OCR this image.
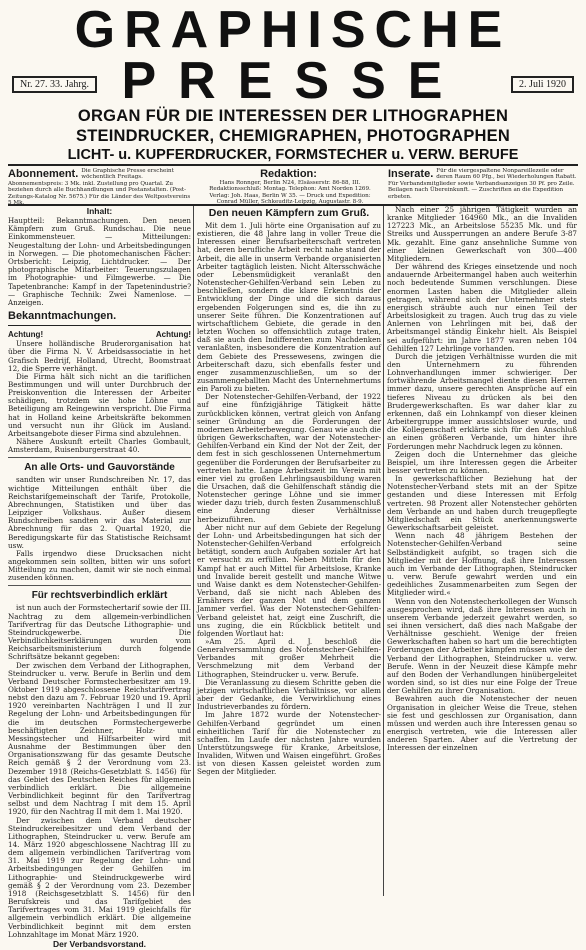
GRAPHISCHE
PRESSE
Nr. 27. 33. Jahrg.	2. Juli 1920
ORGAN FÜR DIE INTERESSEN DER LITHOGRAPHEN
STEINDRUCKER, CHEMIGRAPHEN, PHOTOGRAPHEN
LICHT- u. KUPFERDRUCKER, FORMSTECHER u. VERW. BERUFE
Abonnement. Die Graphische Presse erscheint wöchentlich Freitags. Abonnementspreis: 3 Mk. inkl. Zustellung pro Quartal. Zu beziehen durch alle Buchhandlungen und Postanstalten. (Post-Zeitungs-Katalog Nr. 5675.) Für die Länder des Weltpostvereins 5 Mk.
Redaktion:
Hans Ronnger, Berlin N24, Elsässerstr. 86-88, III. Redaktionsschluß: Montag. Telephon: Amt Norden 1269. Verlag: Joh. Haas, Berlin W 35. — Druck und Expedition: Conrad Müller, Schkeuditz-Leipzig, Augustastr. 8-9.
Inserate. Für die viergespaltene Nonpareillezeile oder deren Raum 60 Pfg., bei Wiederholungen Rabatt. Für Verbandsmitglieder sowie Verbandsanzeigen 30 Pf. pro Zeile. Beilagen nach Übereinkunft. — Zuschriften an die Expedition erbeten.
Inhalt:

Hauptteil: Bekanntmachungen. Den neuen Kämpfern zum Gruß. Rundschau. Die neue Einkommensteuer. — Mitteilungen: Neugestaltung der Lohn- und Arbeitsbedingungen in Norwegen. — Die photomechanischen Fächer: Ortsbericht: Leipzig, Lichtdrucker. — Der photographische Mitarbeiter: Teuerungszulagen im Photographie- und Filmgewerbe. — Die Tapetenbranche: Kampf in der Tapetenindustrie? — Graphische Technik: Zwei Namenlose. — Anzeigen.

Bekanntmachungen.
Achtung!	Achtung!

Unsere holländische Bruderorganisation hat über die Firma N. V. Arbeidsassociatie in het Grafisch Bedrijf, Holland, Utrecht, Boomstraat 12, die Sperre verhängt.

Die Firma hält sich nicht an die tariflichen Bestimmungen und will unter Durchbruch der Preiskonvention die Interessen der Arbeiter schädigen, trotzdem sie hohe Löhne und Beteiligung am Reingewinn verspricht. Die Firma hat in Holland keine Arbeitskräfte bekommen und versucht nun ihr Glück im Ausland. Arbeitsangebote dieser Firma sind abzulehnen.

Nähere Auskunft erteilt Charles Gombault, Amsterdam, Ruisenburgerstraat 40.

An alle Orts- und Gauvorstände

sandten wir unser Rundschreiben Nr. 17, das wichtige Mitteilungen enthält über die Reichstarifgemeinschaft der Tarife, Protokolle, Abrechnungen, Statistiken und über das Leipziger Volkshaus. Außer diesem Rundschreiben sandten wir das Material zur Abrechnung für das 2. Quartal 1920, die Beredigungskarte für das Statistische Reichsamt usw.

Falls irgendwo diese Drucksachen nicht angekommen sein sollten, bitten wir uns sofort Mitteilung zu machen, damit wir sie noch einmal zusenden können.

Für rechtsverbindlich erklärt

ist nun auch der Formstechertarif sowie der III. Nachtrag zu dem allgemein-verbindlichen Tarifvertrag für das Deutsche Lithographie- und Steindruckgewerbe. Die Verbindlichkeitserklärungen wurden vom Reichsarbeitsministerium durch folgende Schriftsätze bekannt gegeben:

Der zwischen dem Verband der Lithographen, Steindrucker u. verw. Berufe in Berlin und dem Verband Deutscher Formstecherbesitzer am 19. Oktober 1919 abgeschlossene Reichstarifvertrag nebst den dazu am 7. Februar 1920 und 19. April 1920 vereinbarten Nachträgen I und II zur Regelung der Lohn- und Arbeitsbedingungen für die im deutschen Formstechergewerbe beschäftigten Zeichner, Holz- und Messingstecher und Hilfsarbeiter wird mit Ausnahme der Bestimmungen über den Organisationszwang für das gesamte Deutsche Reich gemäß § 2 der Verordnung vom 23. Dezember 1918 (Reichs-Gesetzblatt S. 1456) für das Gebiet des Deutschen Reiches für allgemein verbindlich erklärt. Die allgemeine Verbindlichkeit beginnt für den Tarifvertrag selbst und dem Nachtrag I mit dem 15. April 1920, für den Nachtrag II mit dem 1. Mai 1920.

Der zwischen dem Verband deutscher Steindruckereibesitzer und dem Verband der Lithographen, Steindrucker u. verw. Berufe am 14. März 1920 abgeschlossene Nachtrag III zu dem allgemein verbindlichen Tarifvertrag vom 31. Mai 1919 zur Regelung der Lohn- und Arbeitsbedingungen der Gehilfen im Lithographie- und Steindruckgewerbe wird gemäß § 2 der Verordnung vom 23. Dezember 1918 (Reichsgesetzblatt S. 1456) für den Berufskreis und das Tarifgebiet des Tarifvertrages vom 31. Mai 1919 gleichfalls für allgemein verbindlich erklärt. Die allgemeine Verbindlichkeit beginnt mit dem ersten Lohnzahltage im Monat März 1920.

Der Verbandsvorstand.
Den neuen Kämpfern zum Gruß.

Mit dem 1. Juli hörte eine Organisation auf zu existieren, die 48 Jahre lang in voller Treue die Interessen einer Berufsarbeiterschaft vertreten hat, deren berufliche Arbeit recht nahe stand der Arbeit, die alle in unserm Verbande organisierten Arbeiter tagtäglich leisten. Nicht Altersschwäche oder Lebensmüdigkeit veranlaßt den Notenstecher-Gehilfen-Verband sein Leben zu beschließen, sondern die klare Erkenntnis der Entwicklung der Dinge und die sich daraus ergebenden Folgerungen sind es, die ihn zu unserer Seite führen. Die Konzentrationen auf wirtschaftlichem Gebiete, die gerade in den letzten Wochen so offensichtlich zutage traten, daß sie auch den Indifferenten zum Nachdenken veranlaßten, insbesondere die Konzentration auf dem Gebiete des Pressewesens, zwingen die Arbeiterschaft dazu, sich ebenfalls fester und enger zusammenzuschließen, um so der zusammengeballten Macht des Unternehmertums ein Paroli zu bieten.

Der Notenstecher-Gehilfen-Verband, der 1922 auf eine fünfzigjährige Tätigkeit hätte zurückblicken können, vertrat gleich von Anfang seiner Gründung an die Forderungen der modernen Arbeiterbewegung. Genau wie auch die übrigen Gewerkschaften, war der Notenstecher-Gehilfen-Verband ein Kind der Not der Zeit, der dem fest in sich geschlossenen Unternehmertum gegenüber die Forderungen der Berufsarbeiter zu vertreten hatte. Lange Arbeitszeit im Verein mit einer viel zu großen Lehrlingsausbildung waren die Ursachen, daß die Gehilfenschaft ständig die Notenstecher geringe Löhne und sie immer wieder dazu trieb, durch festen Zusammenschluß eine Änderung dieser Verhältnisse herbeizuführen.

Aber nicht nur auf dem Gebiete der Regelung der Lohn- und Arbeitsbedingungen hat sich der Notenstecher-Gehilfen-Verband erfolgreich betätigt, sondern auch Aufgaben sozialer Art hat er versucht zu erfüllen. Neben Mitteln für den Kampf hat er auch Mittel für Arbeitslose, Kranke und Invalide bereit gestellt und manche Witwe und Waise dankt es dem Notenstecher-Gehilfen-Verband, daß sie nicht nach Ableben des Ernährers der ganzen Not und dem ganzen Jammer verfiel. Was der Notenstecher-Gehilfen-Verband geleistet hat, zeigt eine Zuschrift, die uns zuging, die ein Rückblick betitelt und folgenden Wortlaut hat:

»Am 25. April d. J. beschloß die Generalversammlung des Notenstecher-Gehilfen-Verbandes mit großer Mehrheit die Verschmelzung mit dem Verband der Lithographen, Steindrucker u. verw. Berufe.

Die Veranlassung zu diesem Schritte geben die jetzigen wirtschaftlichen Verhältnisse, vor allem aber der Gedanke, die Verwirklichung eines Industrieverbandes zu fördern.

Im Jahre 1872 wurde der Notenstecher-Gehilfen-Verband gegründet um einen einheitlichen Tarif für die Notenstecher zu schaffen. Im Laufe der nächsten Jahre wurden Unterstützungswege für Kranke, Arbeitslose, Invaliden, Witwen und Waisen eingeführt. Großes ist von diesen Kassen geleistet worden zum Segen der Mitglieder.

Nach einer 25 jährigen Tätigkeit wurden an kranke Mitglieder 164960 Mk., an die Invaliden 127223 Mk., an Arbeitslose 55235 Mk. und für Streiks und Aussperrungen an andere Berufe 3-87 Mk. gezahlt. Eine ganz ansehnliche Summe von einer kleinen Gewerkschaft von 300—400 Mitgliedern.

Der während des Krieges einsetzende und noch andauernde Arbeitermangel haben auch weiterhin noch bedeutende Summen verschlungen. Diese enormen Lasten haben die Mitglieder allein getragen, während sich der Unternehmer stets energisch sträubte auch nur einen Teil der Arbeitslosigkeit zu tragen. Auch trug das zu viele Anlernen von Lehrlingen mit bei, daß der Arbeitsmangel ständig Einkehr hielt. Als Beispiel sei aufgeführt: im Jahre 1877 waren neben 104 Gehilfen 127 Lehrlinge vorhanden.

Durch die jetzigen Verhältnisse wurden die mit den Unternehmern zu führenden Lohnverhandlungen immer schwieriger. Der fortwährende Arbeitsmangel diente diesen Herren immer dazu, unsere gerechten Ansprüche auf ein tieferes Niveau zu drücken als bei den Brudergewerkschaften. Es war daher klar zu erkennen, daß ein Lohnkampf von dieser kleinen Arbeitergruppe immer aussichtsloser wurde, und die Kollegenschaft erklärte sich für den Anschluß an einen größeren Verbande, um hinter ihre Forderungen mehr Nachdruck legen zu können.

Zeigen doch die Unternehmer das gleiche Beispiel, um ihre Interessen gegen die Arbeiter besser vertreten zu können.

In gewerkschaftlicher Beziehung hat der Notenstecher-Verband stets mit an der Spitze gestanden und diese Interessen mit Erfolg vertreten. 98 Prozent aller Notenstecher gehörten dem Verbande an und haben durch treugepflegte Mitgliedschaft ein Stück anerkennungswerte Gewerkschaftsarbeit geleistet.

Wenn nach 48 jährigem Bestehen der Notenstecher-Gehilfen-Verband seine Selbständigkeit aufgibt, so tragen sich die Mitglieder mit der Hoffnung, daß ihre Interessen auch im Verbande der Lithographen, Steindrucker u. verw. Berufe gewahrt werden und ein gedeihliches Zusammenarbeiten zum Segen der Mitglieder wird.«

Wenn von den Notenstecherkollegen der Wunsch ausgesprochen wird, daß ihre Interessen auch in unserem Verbande jederzeit gewahrt werden, so sei ihnen versichert, daß dies nach Maßgabe der Verhältnisse geschieht. Wenige der freien Gewerkschaften haben so hart um die berechtigten Forderungen der Arbeiter kämpfen müssen wie der Verband der Lithographen, Steindrucker u. verw. Berufe. Wenn in der Neuzeit diese Kämpfe mehr auf den Boden der Verhandlungen hinübergeleitet worden sind, so ist dies nur eine Folge der Treue der Gehilfen zu ihrer Organisation.

Bewahren auch die Notenstecher der neuen Organisation in gleicher Weise die Treue, stehen sie fest und geschlossen zur Organisation, dann müssen und werden auch ihre Interessen genau so energisch vertreten, wie die Interessen aller anderen Sparten. Aber auf die Vertretung der Interessen der einzelnen
